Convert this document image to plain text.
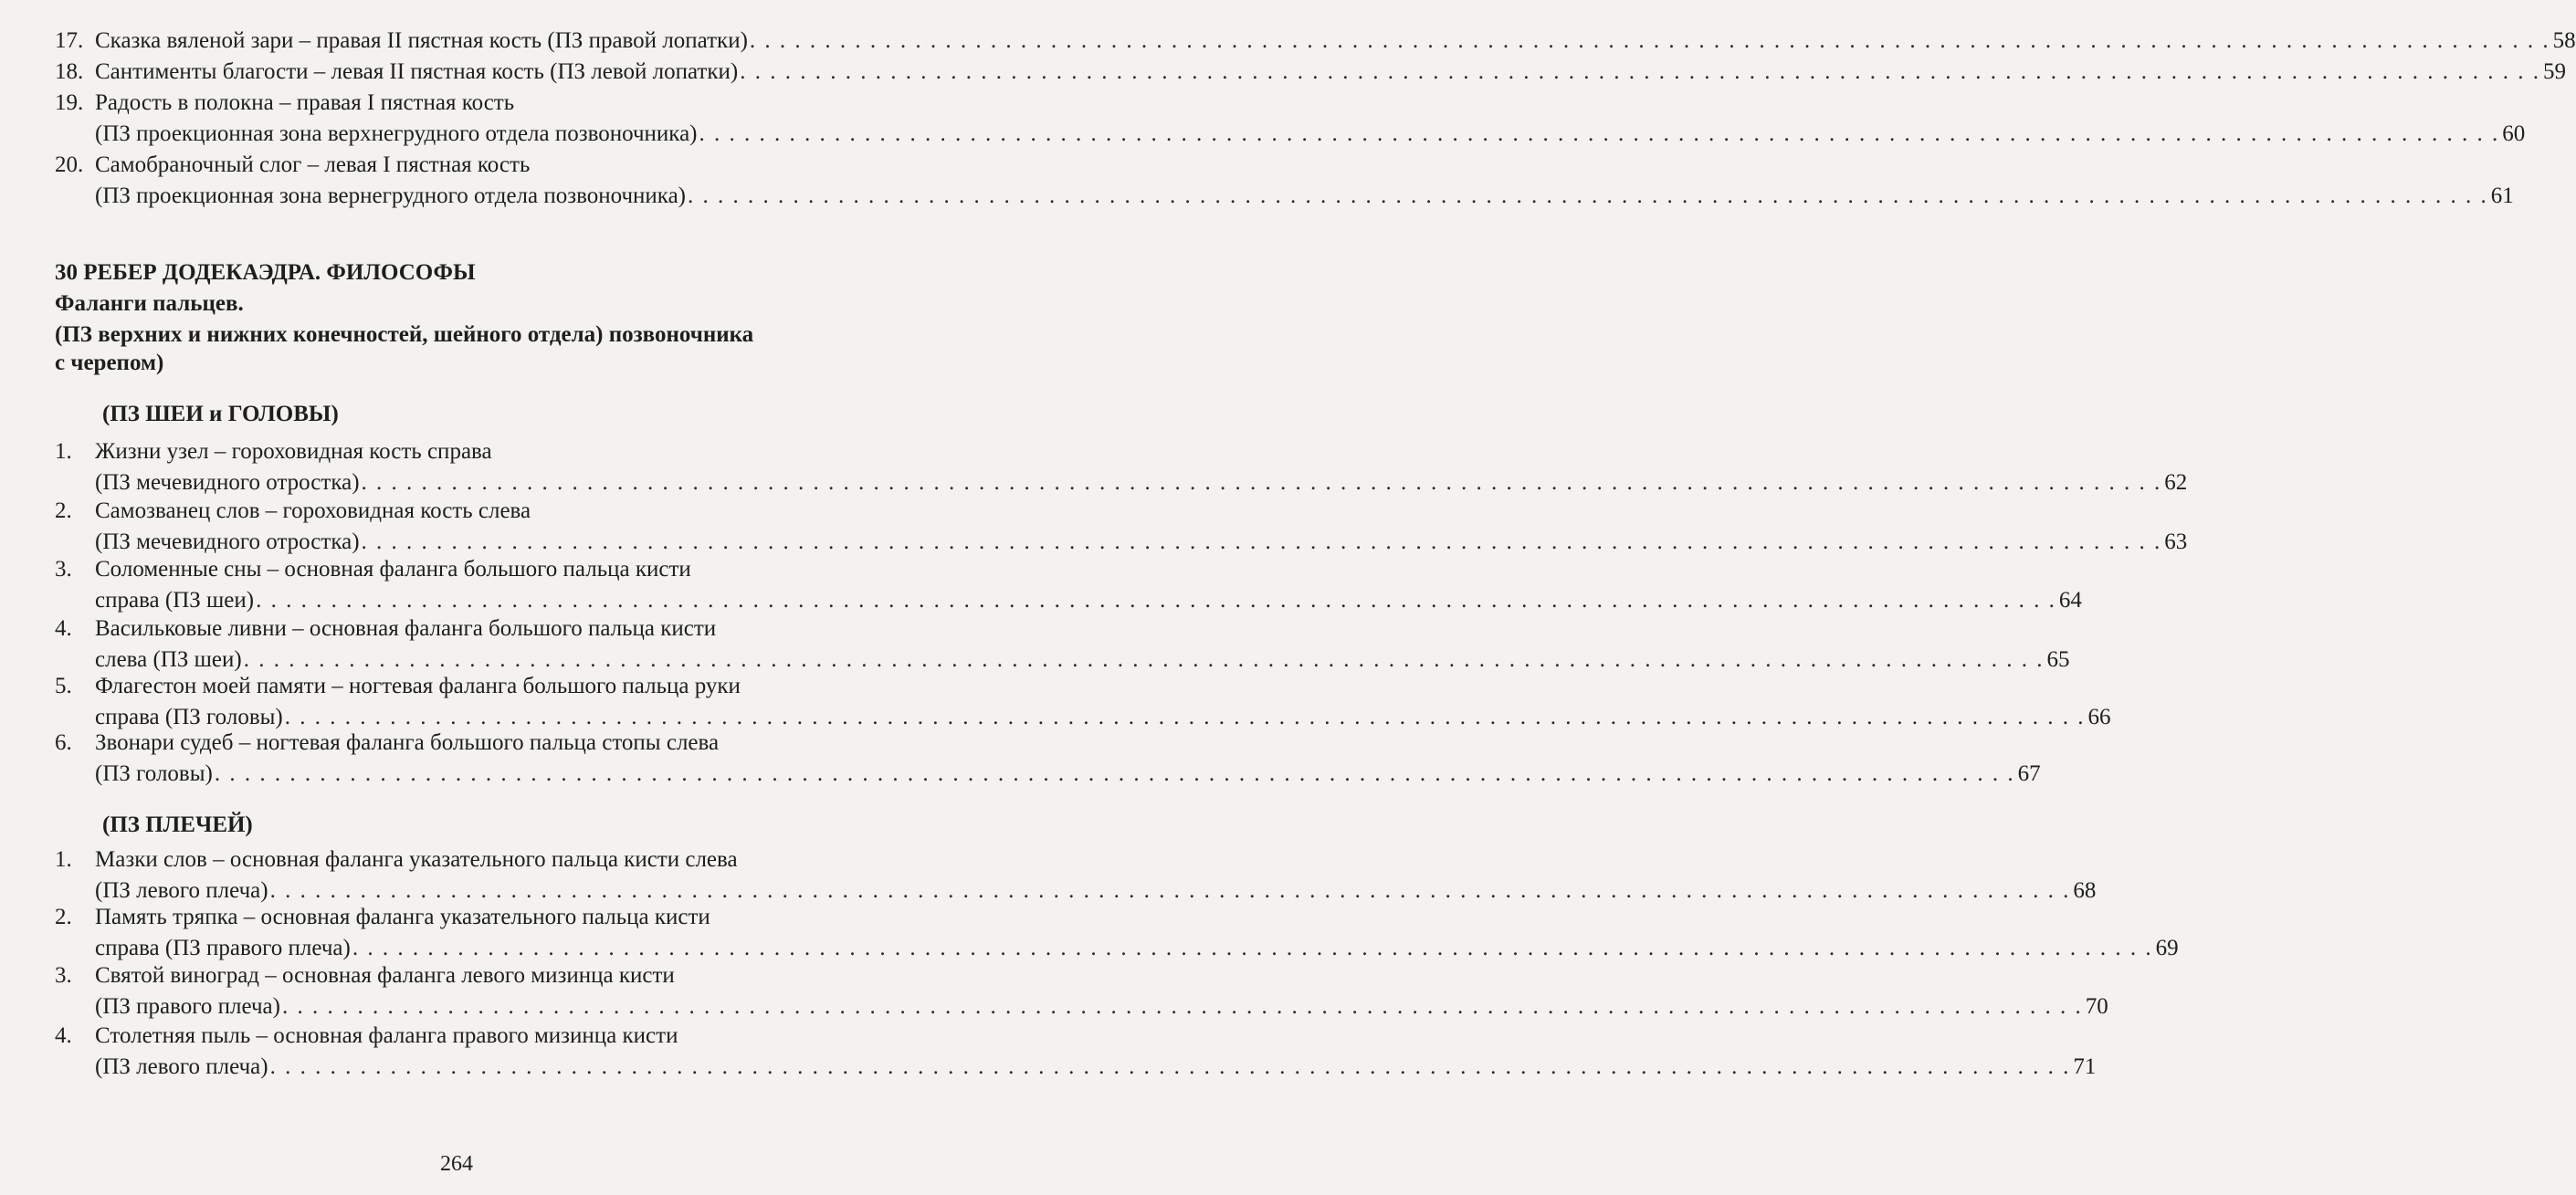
17. Сказка вяленой зари – правая II пястная кость (ПЗ правой лопатки) . . . . . . . . . . . . . . . . . . . . . . . . . . . . . . . . . . . . . . . . . . . . . . . . . . . . . . . . . . . . . . . . . . . . . . . . . . . . . . . . . . . . . . . . . . . . . . . . . . . . . . . . . . . . . . . . . . . . . . . . 58
18. Сантименты благости – левая II пястная кость (ПЗ левой лопатки) . . . . . . . . . . . . . . . . . . . . . . . . . . . . . . . . . . . . . . . . . . . . . . . . . . . . . . . . . . . . . . . . . . . . . . . . . . . . . . . . . . . . . . . . . . . . . . . . . . . . . . . . . . . . . . . . . . . . . . . . 59
19. Радость в полокна – правая I пястная кость
(ПЗ проекционная зона верхнегрудного отдела позвоночника) . . . . . . . . . . . . . . . . . . . . . . . . . . . . . . . . . . . . . . . . . . . . . . . . . . . . . . . . . . . . . . . . . . . . . . . . . . . . . . . . . . . . . . . . . . . . . . . . . . . . . . . . . . . . . . . . . . . . . . . . 60
20. Самобраночный слог – левая I пястная кость
(ПЗ проекционная зона вернегрудного отдела позвоночника) . . . . . . . . . . . . . . . . . . . . . . . . . . . . . . . . . . . . . . . . . . . . . . . . . . . . . . . . . . . . . . . . . . . . . . . . . . . . . . . . . . . . . . . . . . . . . . . . . . . . . . . . . . . . . . . . . . . . . . . . 61
30 РЕБЕР ДОДЕКАЭДРА. ФИЛОСОФЫ
Фаланги пальцев.
(ПЗ верхних и нижних конечностей, шейного отдела) позвоночника
с черепом)
(ПЗ ШЕИ и ГОЛОВЫ)
1.	Жизни узел – гороховидная кость справа
(ПЗ мечевидного отростка) . . . . . . . . . . . . . . . . . . . . . . . . . . . . . . . . . . . . . . . . . . . . . . . . . . . . . . . . . . . . . . . . . . . . . . . . . . . . . . . . . . . . . . . . . . . . . . . . . . . . . . . . . . . . . . . . . . . . . . . . 62
2.	Самозванец слов – гороховидная кость слева
(ПЗ мечевидного отростка) . . . . . . . . . . . . . . . . . . . . . . . . . . . . . . . . . . . . . . . . . . . . . . . . . . . . . . . . . . . . . . . . . . . . . . . . . . . . . . . . . . . . . . . . . . . . . . . . . . . . . . . . . . . . . . . . . . . . . . . . 63
3.	Соломенные сны – основная фаланга большого пальца кисти
справа (ПЗ шеи) . . . . . . . . . . . . . . . . . . . . . . . . . . . . . . . . . . . . . . . . . . . . . . . . . . . . . . . . . . . . . . . . . . . . . . . . . . . . . . . . . . . . . . . . . . . . . . . . . . . . . . . . . . . . . . . . . . . . . . . . 64
4.	Васильковые ливни – основная фаланга большого пальца кисти
слева (ПЗ шеи) . . . . . . . . . . . . . . . . . . . . . . . . . . . . . . . . . . . . . . . . . . . . . . . . . . . . . . . . . . . . . . . . . . . . . . . . . . . . . . . . . . . . . . . . . . . . . . . . . . . . . . . . . . . . . . . . . . . . . . . . 65
5.	Флагестон моей памяти – ногтевая фаланга большого пальца руки
справа (ПЗ головы) . . . . . . . . . . . . . . . . . . . . . . . . . . . . . . . . . . . . . . . . . . . . . . . . . . . . . . . . . . . . . . . . . . . . . . . . . . . . . . . . . . . . . . . . . . . . . . . . . . . . . . . . . . . . . . . . . . . . . . . . 66
6.	Звонари судеб – ногтевая фаланга большого пальца стопы слева
(ПЗ головы) . . . . . . . . . . . . . . . . . . . . . . . . . . . . . . . . . . . . . . . . . . . . . . . . . . . . . . . . . . . . . . . . . . . . . . . . . . . . . . . . . . . . . . . . . . . . . . . . . . . . . . . . . . . . . . . . . . . . . . . . 67
(ПЗ ПЛЕЧЕЙ)
1.	Мазки слов – основная фаланга указательного пальца кисти слева
(ПЗ левого плеча) . . . . . . . . . . . . . . . . . . . . . . . . . . . . . . . . . . . . . . . . . . . . . . . . . . . . . . . . . . . . . . . . . . . . . . . . . . . . . . . . . . . . . . . . . . . . . . . . . . . . . . . . . . . . . . . . . . . . . . . . 68
2.	Память тряпка – основная фаланга указательного пальца кисти
справа (ПЗ правого плеча) . . . . . . . . . . . . . . . . . . . . . . . . . . . . . . . . . . . . . . . . . . . . . . . . . . . . . . . . . . . . . . . . . . . . . . . . . . . . . . . . . . . . . . . . . . . . . . . . . . . . . . . . . . . . . . . . . . . . . . . . 69
3.	Святой виноград – основная фаланга левого мизинца кисти
(ПЗ правого плеча) . . . . . . . . . . . . . . . . . . . . . . . . . . . . . . . . . . . . . . . . . . . . . . . . . . . . . . . . . . . . . . . . . . . . . . . . . . . . . . . . . . . . . . . . . . . . . . . . . . . . . . . . . . . . . . . . . . . . . . . . 70
4.	Столетняя пыль – основная фаланга правого мизинца кисти
(ПЗ левого плеча) . . . . . . . . . . . . . . . . . . . . . . . . . . . . . . . . . . . . . . . . . . . . . . . . . . . . . . . . . . . . . . . . . . . . . . . . . . . . . . . . . . . . . . . . . . . . . . . . . . . . . . . . . . . . . . . . . . . . . . . . 71
264
